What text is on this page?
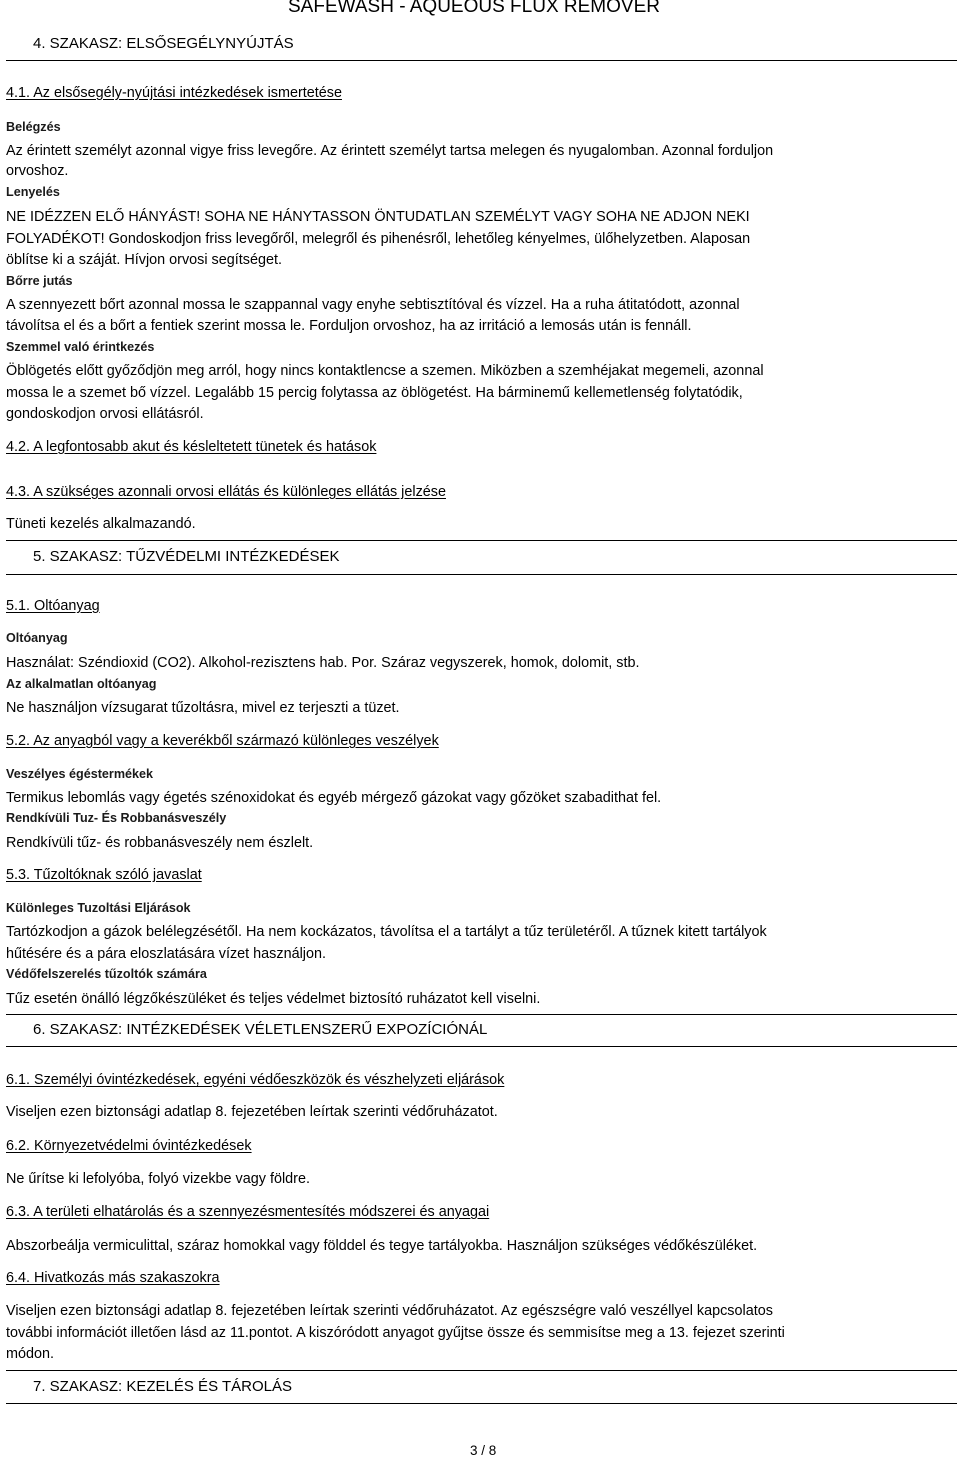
SAFEWASH - AQUEOUS FLUX REMOVER
4. SZAKASZ: ELSŐSEGÉLYNYÚJTÁS
4.1. Az elsősegély-nyújtási intézkedések ismertetése
Belégzés
Az érintett személyt azonnal vigye friss levegőre. Az érintett személyt tartsa melegen és nyugalomban. Azonnal forduljon
orvoshoz.
Lenyelés
NE IDÉZZEN ELŐ HÁNYÁST! SOHA NE HÁNYTASSON ÖNTUDATLAN SZEMÉLYT VAGY SOHA NE ADJON NEKI
FOLYADÉKOT! Gondoskodjon friss levegőről, melegről és pihenésről, lehetőleg kényelmes, ülőhelyzetben. Alaposan
öblítse ki a száját. Hívjon orvosi segítséget.
Bőrre jutás
A szennyezett bőrt azonnal mossa le szappannal vagy enyhe sebtisztítóval és vízzel. Ha a ruha átitatódott, azonnal
távolítsa el és a bőrt a fentiek szerint mossa le. Forduljon orvoshoz, ha az irritáció a lemosás után is fennáll.
Szemmel való érintkezés
Öblögetés előtt győződjön meg arról, hogy nincs kontaktlencse a szemen. Miközben a szemhéjakat megemeli, azonnal
mossa le a szemet bő vízzel. Legalább 15 percig folytassa az öblögetést. Ha bárminemű kellemetlenség folytatódik,
gondoskodjon orvosi ellátásról.
4.2. A legfontosabb akut és késleltetett tünetek és hatások
4.3. A szükséges azonnali orvosi ellátás és különleges ellátás jelzése
Tüneti kezelés alkalmazandó.
5. SZAKASZ: TŰZVÉDELMI INTÉZKEDÉSEK
5.1. Oltóanyag
Oltóanyag
Használat: Széndioxid (CO2). Alkohol-rezisztens hab. Por. Száraz vegyszerek, homok, dolomit, stb.
Az alkalmatlan oltóanyag
Ne használjon vízsugarat tűzoltásra, mivel ez terjeszti a tüzet.
5.2. Az anyagból vagy a keverékből származó különleges veszélyek
Veszélyes égéstermékek
Termikus lebomlás vagy égetés szénoxidokat és egyéb mérgező gázokat vagy gőzöket szabadithat fel.
Rendkívüli Tuz- És Robbanásveszély
Rendkívüli tűz- és robbanásveszély nem észlelt.
5.3. Tűzoltóknak szóló javaslat
Különleges Tuzoltási Eljárások
Tartózkodjon a gázok belélegzésétől. Ha nem kockázatos, távolítsa el a tartályt a tűz területéről. A tűznek kitett tartályok
hűtésére és a pára eloszlatására vízet használjon.
Védőfelszerelés tűzoltók számára
Tűz esetén önálló légzőkészüléket és teljes védelmet biztosító ruházatot kell viselni.
6. SZAKASZ: INTÉZKEDÉSEK VÉLETLENSZERŰ EXPOZÍCIÓNÁL
6.1. Személyi óvintézkedések, egyéni védőeszközök és vészhelyzeti eljárások
Viseljen ezen biztonsági adatlap 8. fejezetében leírtak szerinti védőruházatot.
6.2. Környezetvédelmi óvintézkedések
Ne űrítse ki lefolyóba, folyó vizekbe vagy földre.
6.3. A területi elhatárolás és a szennyezésmentesítés módszerei és anyagai
Abszorbeálja vermiculittal, száraz homokkal vagy földdel és tegye tartályokba. Használjon szükséges védőkészüléket.
6.4. Hivatkozás más szakaszokra
Viseljen ezen biztonsági adatlap 8. fejezetében leírtak szerinti védőruházatot. Az egészségre való veszéllyel kapcsolatos
további információt illetően lásd az 11.pontot. A kiszóródott anyagot gyűjtse össze és semmisítse meg a 13. fejezet szerinti
módon.
7. SZAKASZ: KEZELÉS ÉS TÁROLÁS
3 / 8
